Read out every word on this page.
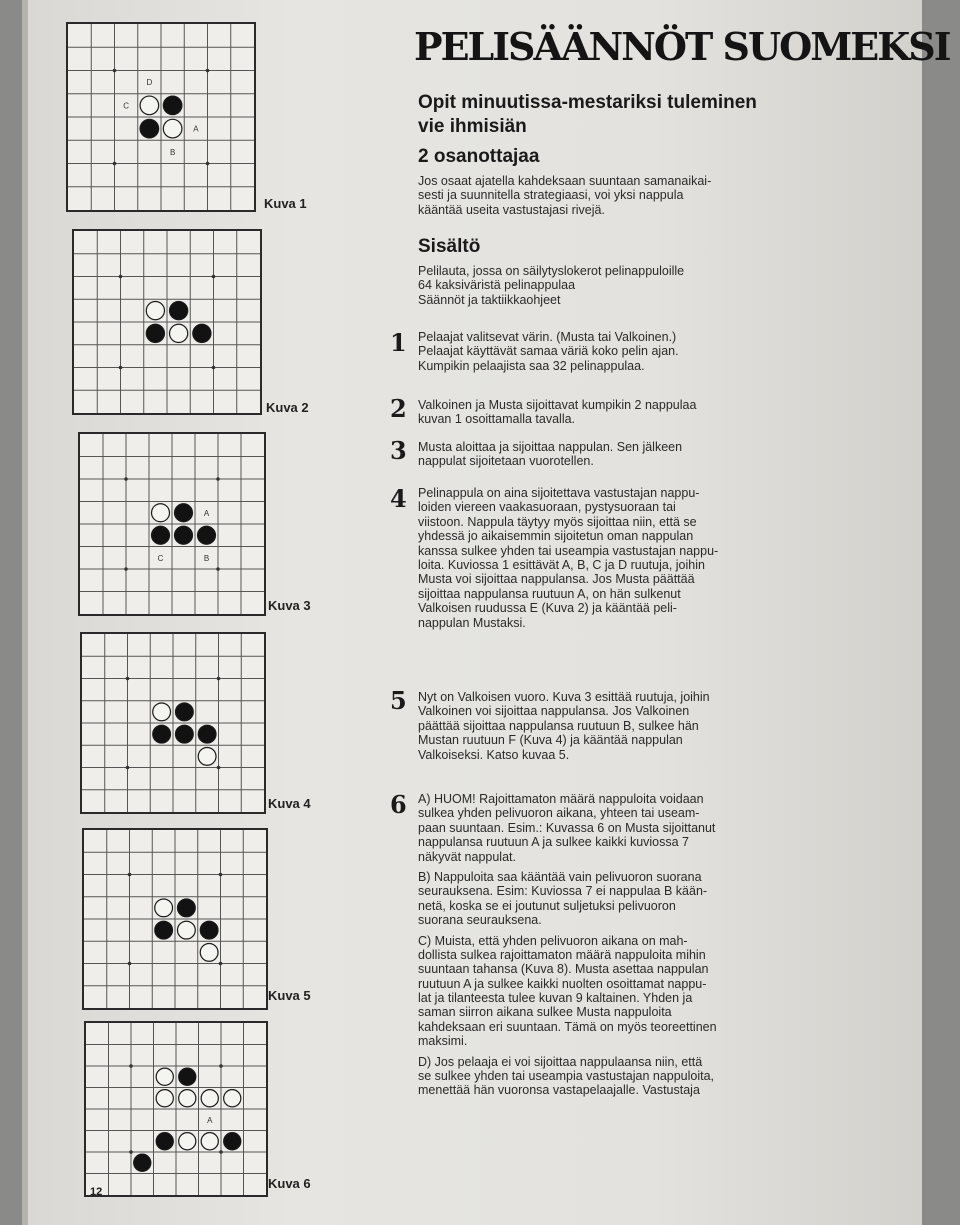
D
C
A
B
A
C	B
A
Kuva 1
Kuva 2
Kuva 3
Kuva 4
Kuva 5
Kuva 6
12
PELISÄÄNNÖT SUOMEKSI
Opit minuutissa-mestariksi tuleminen
vie ihmisiän
2 osanottajaa
Jos osaat ajatella kahdeksaan suuntaan samanaikai-
sesti ja suunnitella strategiaasi, voi yksi nappula
kääntää useita vastustajasi rivejä.
Sisältö
Pelilauta, jossa on säilytyslokerot pelinappuloille
64 kaksiväristä pelinappulaa
Säännöt ja taktiikkaohjeet
1 Pelaajat valitsevat värin. (Musta tai Valkoinen.)
Pelaajat käyttävät samaa väriä koko pelin ajan.
Kumpikin pelaajista saa 32 pelinappulaa.
2 Valkoinen ja Musta sijoittavat kumpikin 2 nappulaa
kuvan 1 osoittamalla tavalla.
3 Musta aloittaa ja sijoittaa nappulan. Sen jälkeen
nappulat sijoitetaan vuorotellen.
4 Pelinappula on aina sijoitettava vastustajan nappu-
loiden viereen vaakasuoraan, pystysuoraan tai
viistoon. Nappula täytyy myös sijoittaa niin, että se
yhdessä jo aikaisemmin sijoitetun oman nappulan
kanssa sulkee yhden tai useampia vastustajan nappu-
loita. Kuviossa 1 esittävät A, B, C ja D ruutuja, joihin
Musta voi sijoittaa nappulansa. Jos Musta päättää
sijoittaa nappulansa ruutuun A, on hän sulkenut
Valkoisen ruudussa E (Kuva 2) ja kääntää peli-
nappulan Mustaksi.
5 Nyt on Valkoisen vuoro. Kuva 3 esittää ruutuja, joihin
Valkoinen voi sijoittaa nappulansa. Jos Valkoinen
päättää sijoittaa nappulansa ruutuun B, sulkee hän
Mustan ruutuun F (Kuva 4) ja kääntää nappulan
Valkoiseksi. Katso kuvaa 5.
6 A) HUOM! Rajoittamaton määrä nappuloita voidaan
sulkea yhden pelivuoron aikana, yhteen tai useam-
paan suuntaan. Esim.: Kuvassa 6 on Musta sijoittanut
nappulansa ruutuun A ja sulkee kaikki kuviossa 7
näkyvät nappulat.
B) Nappuloita saa kääntää vain pelivuoron suorana
seurauksena. Esim: Kuviossa 7 ei nappulaa B kään-
netä, koska se ei joutunut suljetuksi pelivuoron
suorana seurauksena.
C) Muista, että yhden pelivuoron aikana on mah-
dollista sulkea rajoittamaton määrä nappuloita mihin
suuntaan tahansa (Kuva 8). Musta asettaa nappulan
ruutuun A ja sulkee kaikki nuolten osoittamat nappu-
lat ja tilanteesta tulee kuvan 9 kaltainen. Yhden ja
saman siirron aikana sulkee Musta nappuloita
kahdeksaan eri suuntaan. Tämä on myös teoreettinen
maksimi.
D) Jos pelaaja ei voi sijoittaa nappulaansa niin, että
se sulkee yhden tai useampia vastustajan nappuloita,
menettää hän vuoronsa vastapelaajalle. Vastustaja
